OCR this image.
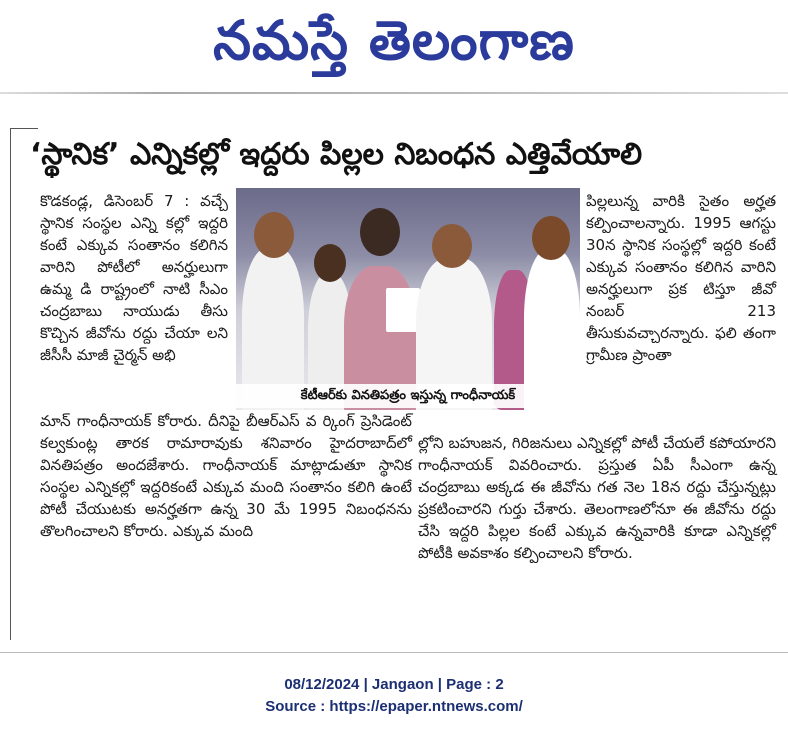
నమస్తే తెలంగాణ
‘స్థానిక’ ఎన్నికల్లో ఇద్దరు పిల్లల నిబంధన ఎత్తివేయాలి
కొడకండ్ల, డిసెంబర్ 7 : వచ్చే స్థానిక సంస్థల ఎన్ని కల్లో ఇద్దరి కంటే ఎక్కువ సంతానం కలిగిన వారిని పోటీలో అనర్హులుగా ఉమ్మ డి రాష్ట్రంలో నాటి సీఎం చంద్రబాబు నాయుడు తీసు కొచ్చిన జీవోను రద్దు చేయా లని జీసీసీ మాజీ చైర్మన్ అభి
కేటీఆర్‌కు వినతిపత్రం ఇస్తున్న గాంధీనాయక్
పిల్లలున్న వారికి సైతం అర్హత కల్పించాలన్నారు. 1995 ఆగస్టు 30న స్థానిక సంస్థల్లో ఇద్దరి కంటే ఎక్కువ సంతానం కలిగిన వారిని అనర్హులుగా ప్రక టిస్తూ జీవో నంబర్ 213 తీసుకువచ్చారన్నారు. ఫలి తంగా గ్రామీణ ప్రాంతా
మాన్ గాంధీనాయక్ కోరారు. దీనిపై బీఆర్ఎస్ వ ర్కింగ్ ప్రెసిడెంట్ కల్వకుంట్ల తారక రామారావుకు శనివారం హైదరాబాద్‌లో వినతిపత్రం అందజేశారు. గాంధీనాయక్ మాట్లాడుతూ స్థానిక సంస్థల ఎన్నికల్లో ఇద్దరికంటే ఎక్కువ మంది సంతానం కలిగి ఉంటే పోటీ చేయుటకు అనర్హతగా ఉన్న 30 మే 1995 నిబంధనను తొలగించాలని కోరారు. ఎక్కువ మంది
ల్లోని బహుజన, గిరిజనులు ఎన్నికల్లో పోటీ చేయలే కపోయారని గాంధీనాయక్ వివరించారు. ప్రస్తుత ఏపీ సీఎంగా ఉన్న చంద్రబాబు అక్కడ ఈ జీవోను గత నెల 18న రద్దు చేస్తున్నట్లు ప్రకటించారని గుర్తు చేశారు. తెలంగాణలోనూ ఈ జీవోను రద్దు చేసి ఇద్దరి పిల్లల కంటే ఎక్కువ ఉన్నవారికి కూడా ఎన్నికల్లో పోటీకి అవకాశం కల్పించాలని కోరారు.
08/12/2024 | Jangaon | Page : 2
Source : https://epaper.ntnews.com/
